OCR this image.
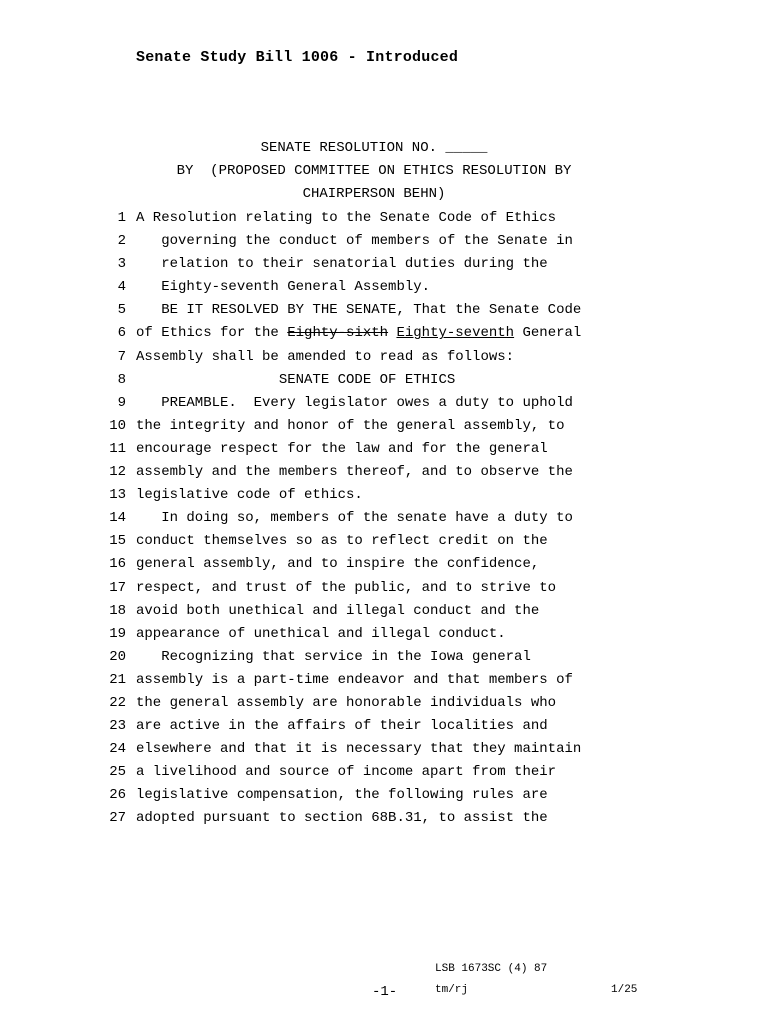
Senate Study Bill 1006 - Introduced
SENATE RESOLUTION NO. _____
BY  (PROPOSED COMMITTEE ON ETHICS RESOLUTION BY
CHAIRPERSON BEHN)
1 A Resolution relating to the Senate Code of Ethics
2 governing the conduct of members of the Senate in
3 relation to their senatorial duties during the
4 Eighty-seventh General Assembly.
5 BE IT RESOLVED BY THE SENATE, That the Senate Code
6 of Ethics for the Eighty-sixth Eighty-seventh General
7 Assembly shall be amended to read as follows:
8 SENATE CODE OF ETHICS
9 PREAMBLE.  Every legislator owes a duty to uphold
10 the integrity and honor of the general assembly, to
11 encourage respect for the law and for the general
12 assembly and the members thereof, and to observe the
13 legislative code of ethics.
14 In doing so, members of the senate have a duty to
15 conduct themselves so as to reflect credit on the
16 general assembly, and to inspire the confidence,
17 respect, and trust of the public, and to strive to
18 avoid both unethical and illegal conduct and the
19 appearance of unethical and illegal conduct.
20 Recognizing that service in the Iowa general
21 assembly is a part-time endeavor and that members of
22 the general assembly are honorable individuals who
23 are active in the affairs of their localities and
24 elsewhere and that it is necessary that they maintain
25 a livelihood and source of income apart from their
26 legislative compensation, the following rules are
27 adopted pursuant to section 68B.31, to assist the
LSB 1673SC (4) 87
-1-	tm/rj	1/25
